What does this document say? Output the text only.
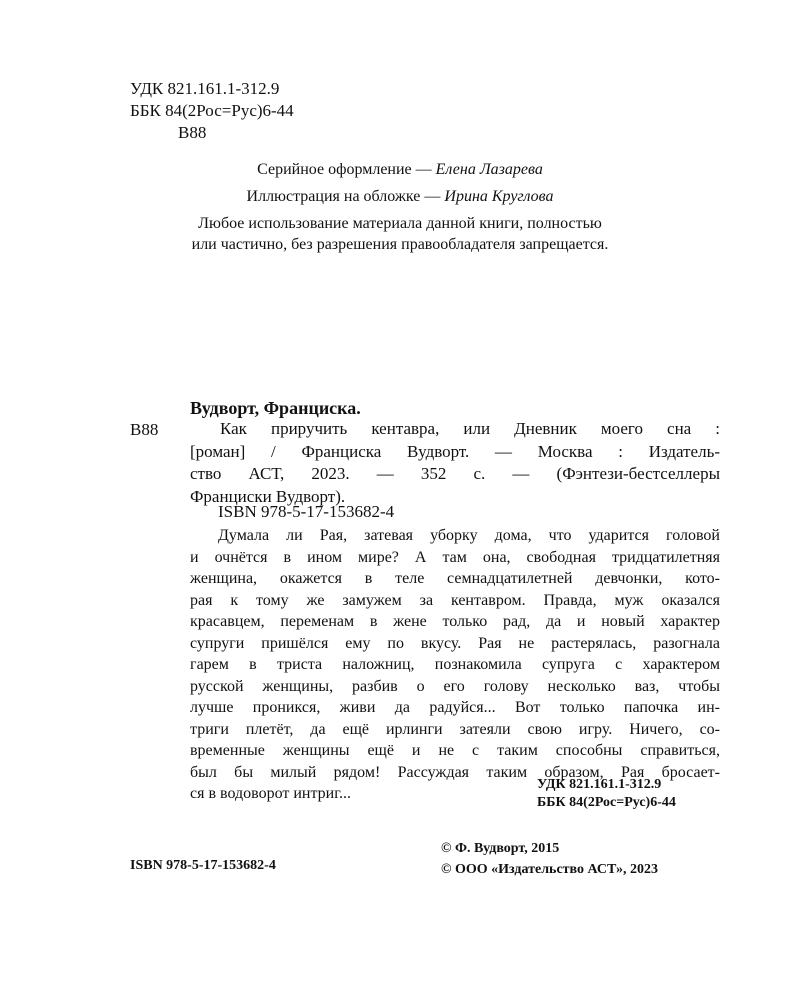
УДК 821.161.1-312.9
ББК 84(2Рос=Рус)6-44
В88
Серийное оформление — Елена Лазарева
Иллюстрация на обложке — Ирина Круглова
Любое использование материала данной книги, полностью
или частично, без разрешения правообладателя запрещается.
Вудворт, Франциска.
В88	Как приручить кентавра, или Дневник моего сна :
[роман] / Франциска Вудворт. — Москва : Издатель-
ство АСТ, 2023. — 352 с. — (Фэнтези-бестселлеры
Франциски Вудворт).
ISBN 978-5-17-153682-4
Думала ли Рая, затевая уборку дома, что ударится головой
и очнётся в ином мире? А там она, свободная тридцатилетняя
женщина, окажется в теле семнадцатилетней девчонки, кото-
рая к тому же замужем за кентавром. Правда, муж оказался
красавцем, переменам в жене только рад, да и новый характер
супруги пришёлся ему по вкусу. Рая не растерялась, разогнала
гарем в триста наложниц, познакомила супруга с характером
русской женщины, разбив о его голову несколько ваз, чтобы
лучше проникся, живи да радуйся... Вот только папочка ин-
триги плетёт, да ещё ирлинги затеяли свою игру. Ничего, со-
временные женщины ещё и не с таким способны справиться,
был бы милый рядом! Рассуждая таким образом, Рая бросает-
ся в водоворот интриг...
УДК 821.161.1-312.9
ББК 84(2Рос=Рус)6-44
ISBN 978-5-17-153682-4
© Ф. Вудворт, 2015
© ООО «Издательство АСТ», 2023
